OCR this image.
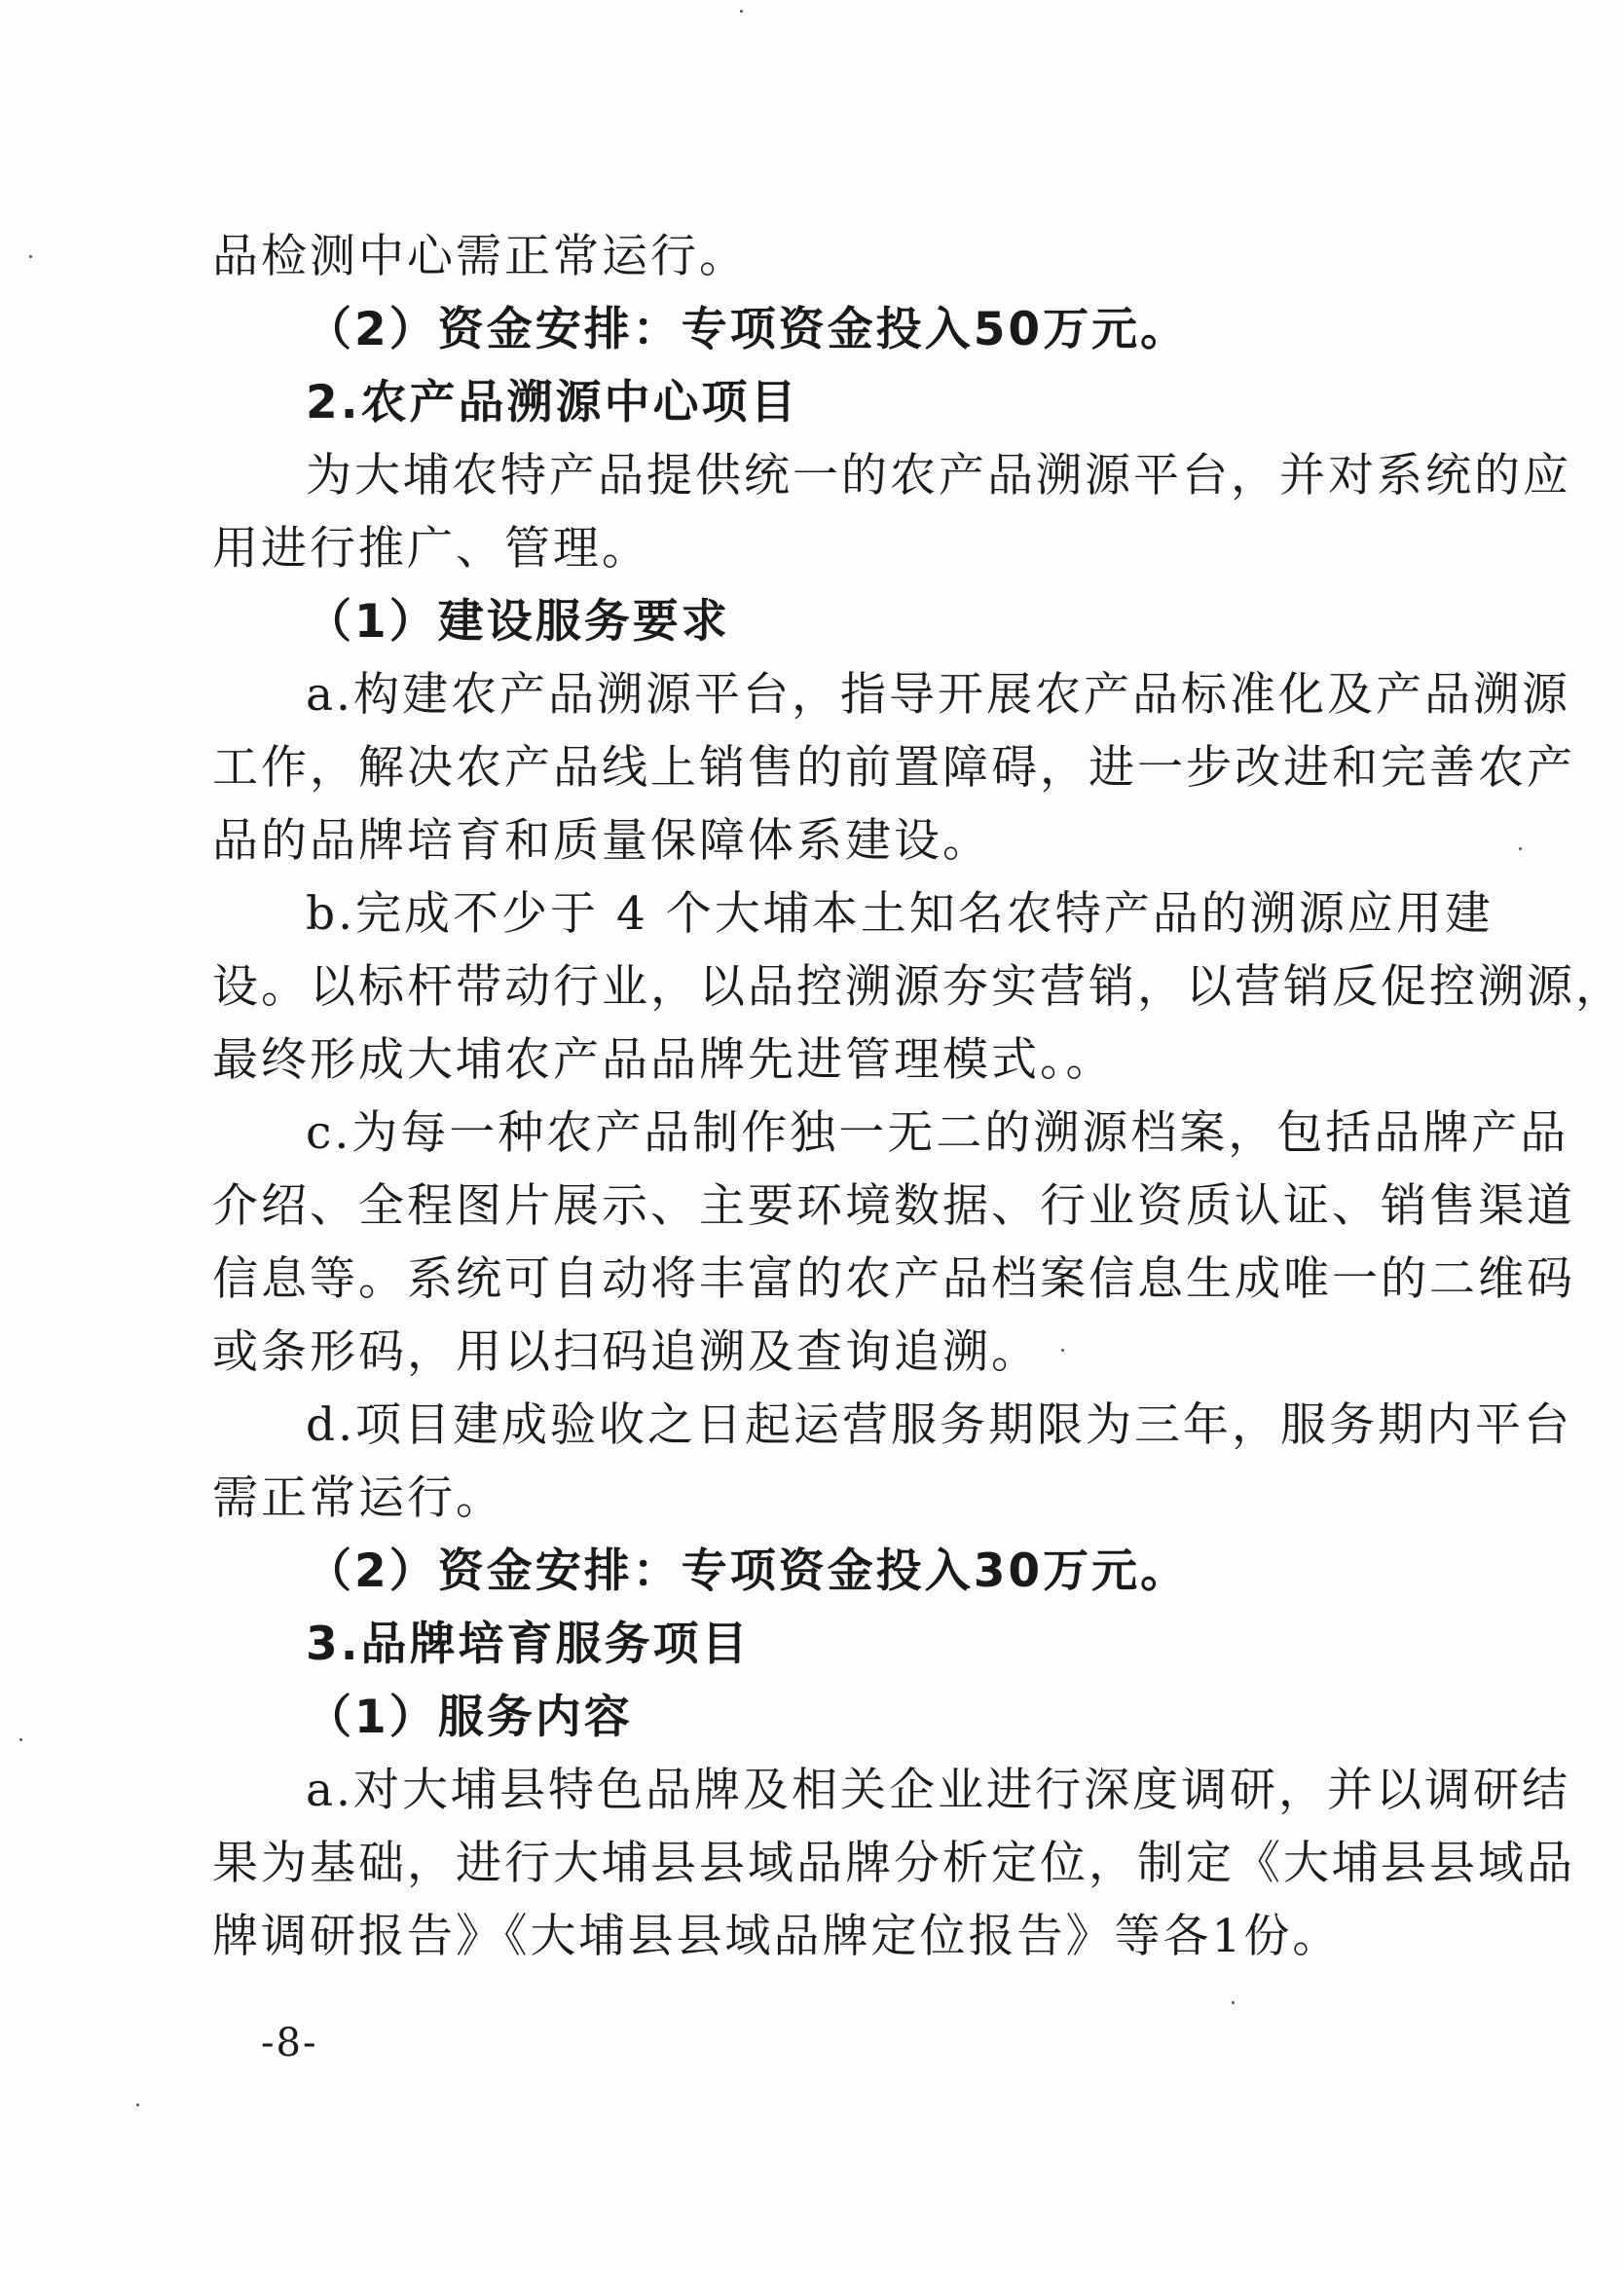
品检测中心需正常运行。
（2）资金安排：专项资金投入50万元。
2.农产品溯源中心项目
为大埔农特产品提供统一的农产品溯源平台，并对系统的应
用进行推广、管理。
（1）建设服务要求
a.构建农产品溯源平台，指导开展农产品标准化及产品溯源
工作，解决农产品线上销售的前置障碍，进一步改进和完善农产
品的品牌培育和质量保障体系建设。
b.完成不少于 4 个大埔本土知名农特产品的溯源应用建
设。以标杆带动行业，以品控溯源夯实营销，以营销反促控溯源，
最终形成大埔农产品品牌先进管理模式。。
c.为每一种农产品制作独一无二的溯源档案，包括品牌产品
介绍、全程图片展示、主要环境数据、行业资质认证、销售渠道
信息等。系统可自动将丰富的农产品档案信息生成唯一的二维码
或条形码，用以扫码追溯及查询追溯。
d.项目建成验收之日起运营服务期限为三年，服务期内平台
需正常运行。
（2）资金安排：专项资金投入30万元。
3.品牌培育服务项目
（1）服务内容
a.对大埔县特色品牌及相关企业进行深度调研，并以调研结
果为基础，进行大埔县县域品牌分析定位，制定《大埔县县域品
牌调研报告》《大埔县县域品牌定位报告》等各1份。
-8-
